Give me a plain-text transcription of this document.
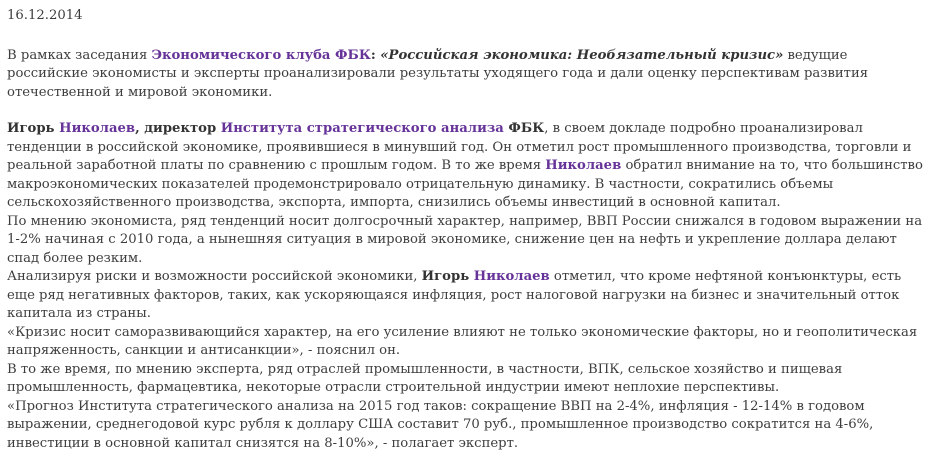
16.12.2014

В рамках заседания Экономического клуба ФБК: «Российская экономика: Необязательный кризис» ведущие российские экономисты и эксперты проанализировали результаты уходящего года и дали оценку перспективам развития отечественной и мировой экономики.

Игорь Николаев, директор Института стратегического анализа ФБК, в своем докладе подробно проанализировал тенденции в российской экономике, проявившиеся в минувший год. Он отметил рост промышленного производства, торговли и реальной заработной платы по сравнению с прошлым годом. В то же время Николаев обратил внимание на то, что большинство макроэкономических показателей продемонстрировало отрицательную динамику. В частности, сократились объемы сельскохозяйственного производства, экспорта, импорта, снизились объемы инвестиций в основной капитал.

По мнению экономиста, ряд тенденций носит долгосрочный характер, например, ВВП России снижался в годовом выражении на 1-2% начиная с 2010 года, а нынешняя ситуация в мировой экономике, снижение цен на нефть и укрепление доллара делают спад более резким.

Анализируя риски и возможности российской экономики, Игорь Николаев отметил, что кроме нефтяной конъюнктуры, есть еще ряд негативных факторов, таких, как ускоряющаяся инфляция, рост налоговой нагрузки на бизнес и значительный отток капитала из страны.

«Кризис носит саморазвивающийся характер, на его усиление влияют не только экономические факторы, но и геополитическая напряженность, санкции и антисанкции», - пояснил он.

В то же время, по мнению эксперта, ряд отраслей промышленности, в частности, ВПК, сельское хозяйство и пищевая промышленность, фармацевтика, некоторые отрасли строительной индустрии имеют неплохие перспективы.

«Прогноз Института стратегического анализа на 2015 год таков: сокращение ВВП на 2-4%, инфляция - 12-14% в годовом выражении, среднегодовой курс рубля к доллару США составит 70 руб., промышленное производство сократится на 4-6%, инвестиции в основной капитал снизятся на 8-10%», - полагает эксперт.
